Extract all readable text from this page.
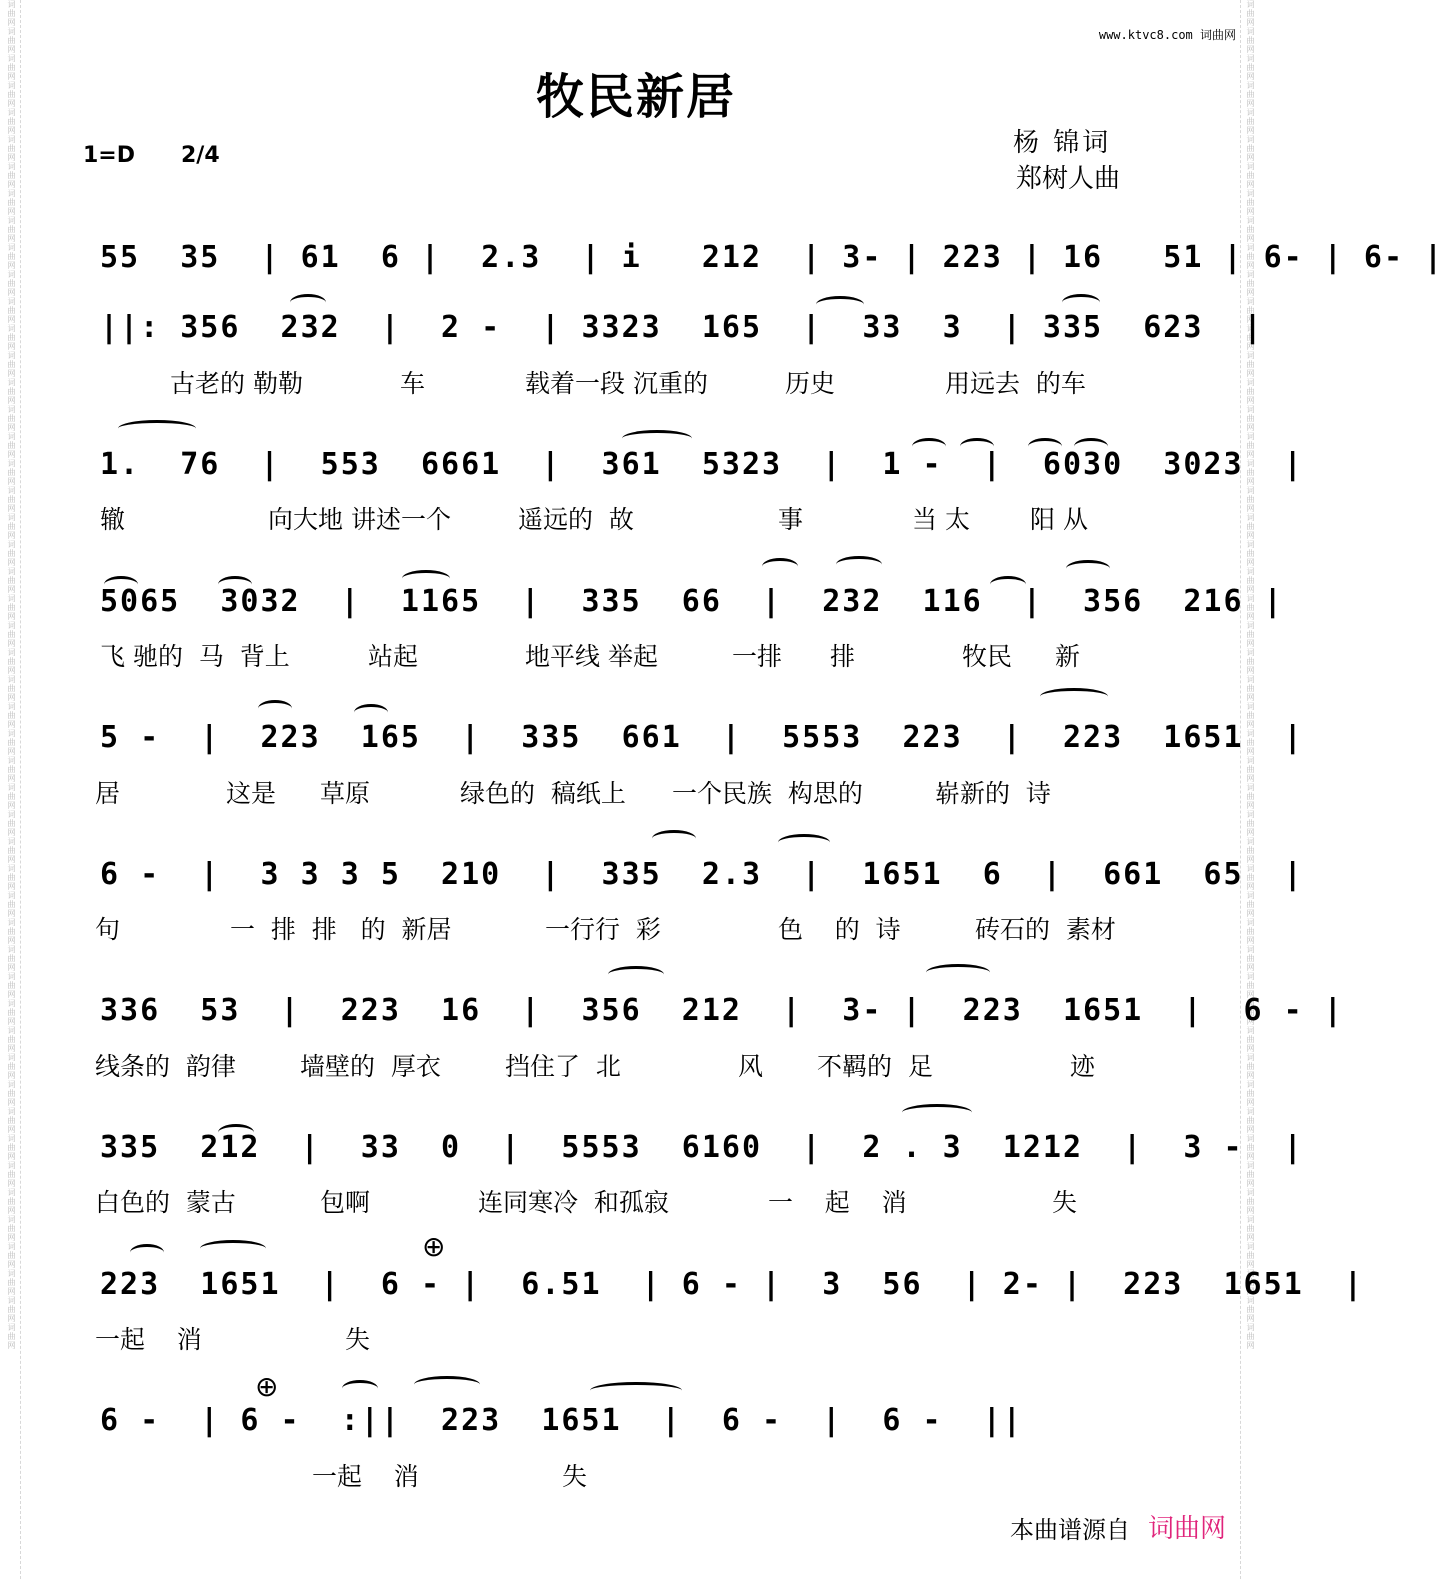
词曲网词曲网词曲网词曲网词曲网词曲网词曲网词曲网词曲网词曲网词曲网词曲网词曲网词曲网词曲网词曲网词曲网词曲网词曲网词曲网词曲网词曲网词曲网词曲网词曲网词曲网词曲网词曲网词曲网词曲网词曲网词曲网词曲网词曲网词曲网词曲网词曲网词曲网词曲网词曲网词曲网词曲网词曲网词曲网词曲网词曲网词曲网词曲网词曲网词曲网	词曲网词曲网词曲网词曲网词曲网词曲网词曲网词曲网词曲网词曲网词曲网词曲网词曲网词曲网词曲网词曲网词曲网词曲网词曲网词曲网词曲网词曲网词曲网词曲网词曲网词曲网词曲网词曲网词曲网词曲网词曲网词曲网词曲网词曲网词曲网词曲网词曲网词曲网词曲网词曲网词曲网词曲网词曲网词曲网词曲网词曲网词曲网词曲网词曲网词曲网
www.ktvc8.com 词曲网
牧民新居
1=D 2/4	杨 锦词
郑树人曲
55  35  | 61  6 |  2.3  | i   212  | 3- | 223 | 16   51 | 6- | 6- |
||: 356  232  |  2 -  | 3323  165  |  33  3  | 335  623  |
古老的 勒勒	车	载着一段 沉重的	历史	用远去  的车
1.  76  |  553  6661  |  361  5323  |  1 -  |  6030  3023  |
辙	向大地 讲述一个	遥远的  故	事	当 太 阳 从
5065  3032  |  1165  |  335  66  |  232  116  |  356  216 |
飞 驰的  马  背上	站起	地平线 举起	一排 排	牧民 新
5 -  |  223  165  |  335  661  |  5553  223  |  223  1651  |
居	这是 草原	绿色的  稿纸上 一个民族  构思的	崭新的  诗
6 -  |  3 3 3 5  210  |  335  2.3  |  1651  6  |  661  65  |
句	一  排  排   的  新居	一行行  彩	色    的  诗	砖石的  素材
336  53  |  223  16  |  356  212  |  3- |  223  1651  |  6 - |
线条的  韵律	墙壁的  厚衣	挡住了  北	风 不羁的  足	迹
335  212  |  33  0  |  5553  6160  |  2 . 3  1212  |  3 -  |
白色的  蒙古	包啊	连同寒冷  和孤寂	一    起    消	失
⊕
223  1651  |  6 - |  6.51  | 6 - |  3  56  | 2- |  223  1651  |
一起    消	失
⊕
6 -  | 6 -  :||  223  1651  |  6 -  |  6 -  ||
一起    消	失
本曲谱源自 词曲网
